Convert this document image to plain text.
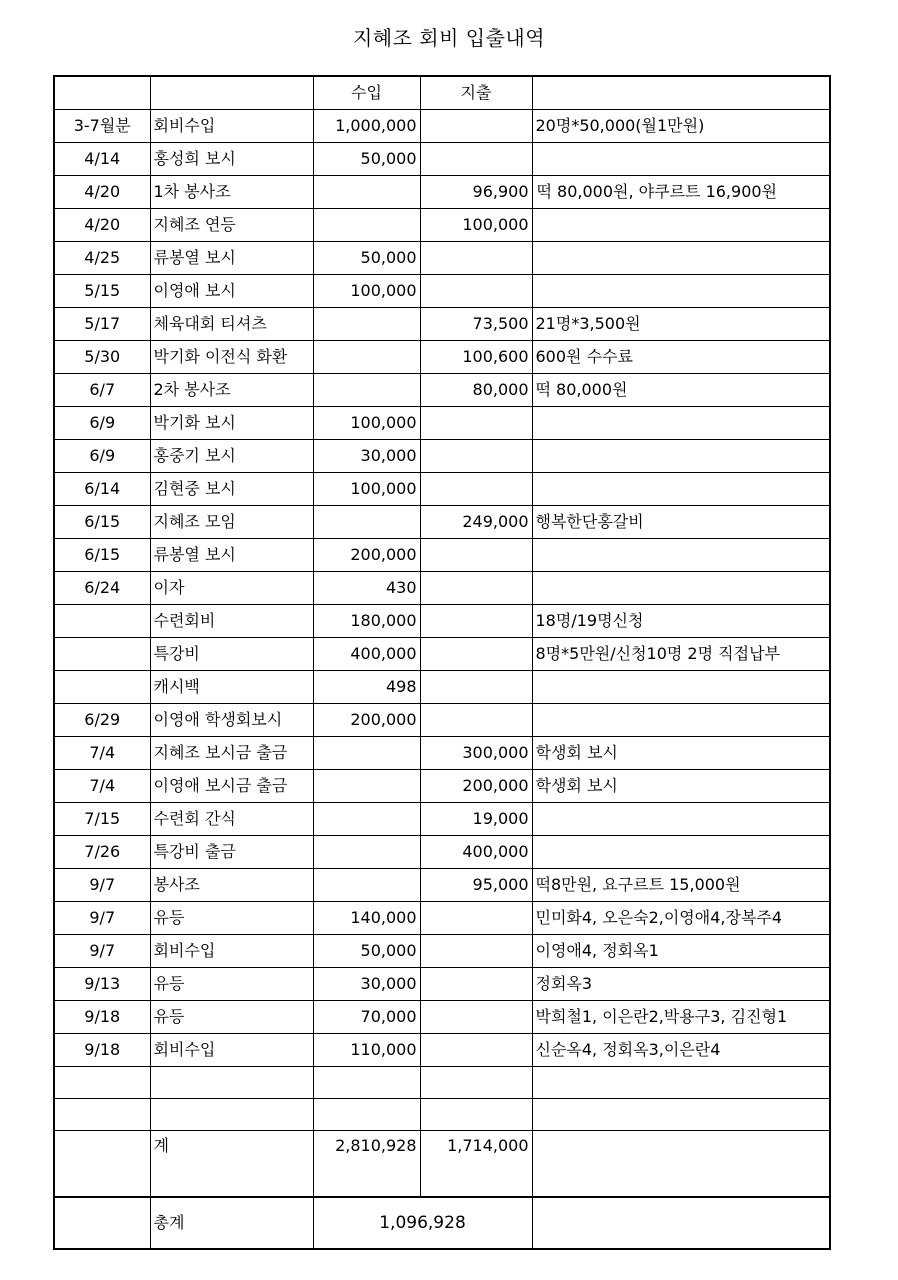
지혜조 회비 입출내역
		수입	지출	
3-7월분	회비수입	1,000,000		20명*50,000(월1만원)
4/14	홍성희 보시	50,000		
4/20	1차 봉사조		96,900	떡 80,000원, 야쿠르트 16,900원
4/20	지혜조 연등		100,000	
4/25	류봉열 보시	50,000		
5/15	이영애 보시	100,000		
5/17	체육대회 티셔츠		73,500	21명*3,500원
5/30	박기화 이전식 화환		100,600	600원 수수료
6/7	2차 봉사조		80,000	떡 80,000원
6/9	박기화 보시	100,000		
6/9	홍중기 보시	30,000		
6/14	김현중 보시	100,000		
6/15	지혜조 모임		249,000	행복한단홍갈비
6/15	류봉열 보시	200,000		
6/24	이자	430		
	수련회비	180,000		18명/19명신청
	특강비	400,000		8명*5만원/신청10명 2명 직접납부
	캐시백	498		
6/29	이영애 학생회보시	200,000		
7/4	지혜조 보시금 출금		300,000	학생회 보시
7/4	이영애 보시금 출금		200,000	학생회 보시
7/15	수련회 간식		19,000	
7/26	특강비 출금		400,000	
9/7	봉사조		95,000	떡8만원, 요구르트 15,000원
9/7	유등	140,000		민미화4, 오은숙2,이영애4,장복주4
9/7	회비수입	50,000		이영애4, 정회옥1
9/13	유등	30,000		정회옥3
9/18	유등	70,000		박희철1, 이은란2,박용구3, 김진형1
9/18	회비수입	110,000		신순옥4, 정회옥3,이은란4

	계	2,810,928	1,714,000	
	총계	1,096,928		
